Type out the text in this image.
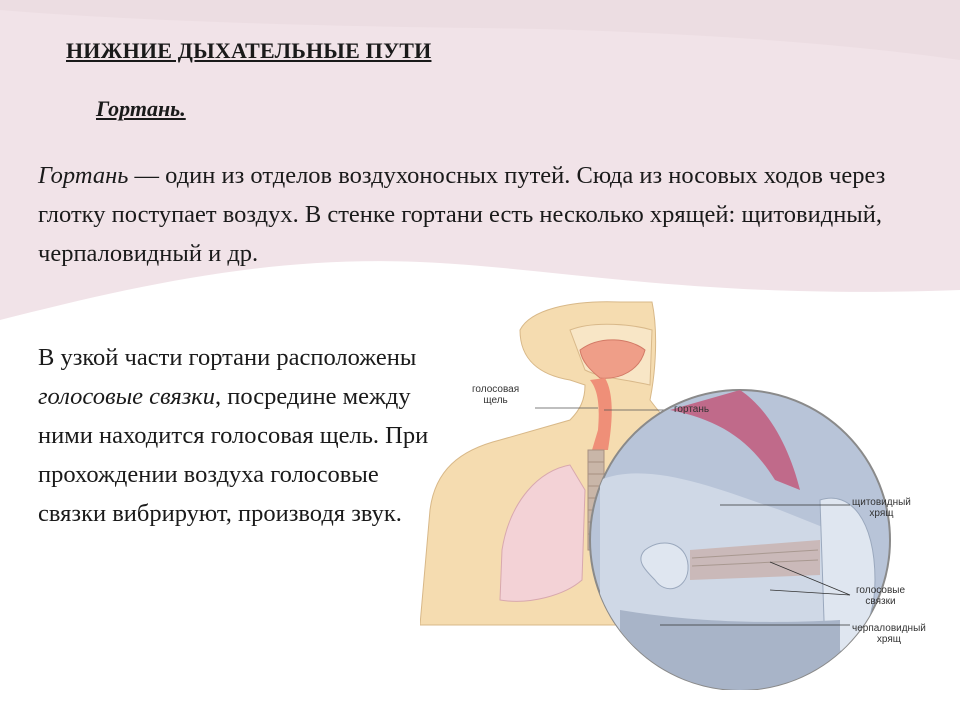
НИЖНИЕ ДЫХАТЕЛЬНЫЕ ПУТИ
Гортань.
Гортань — один из отделов воздухоносных путей. Сюда из носовых ходов через глотку поступает воздух. В стенке гортани есть несколько хрящей: щитовидный, черпаловидный и др.
В узкой части гортани расположены голосовые связки, посредине между ними находится голосовая щель. При прохождении воздуха голосовые связки вибрируют, производя звук.
голосовая
щель
гортань
щитовидный
хрящ
голосовые
связки
черпаловидный
хрящ
